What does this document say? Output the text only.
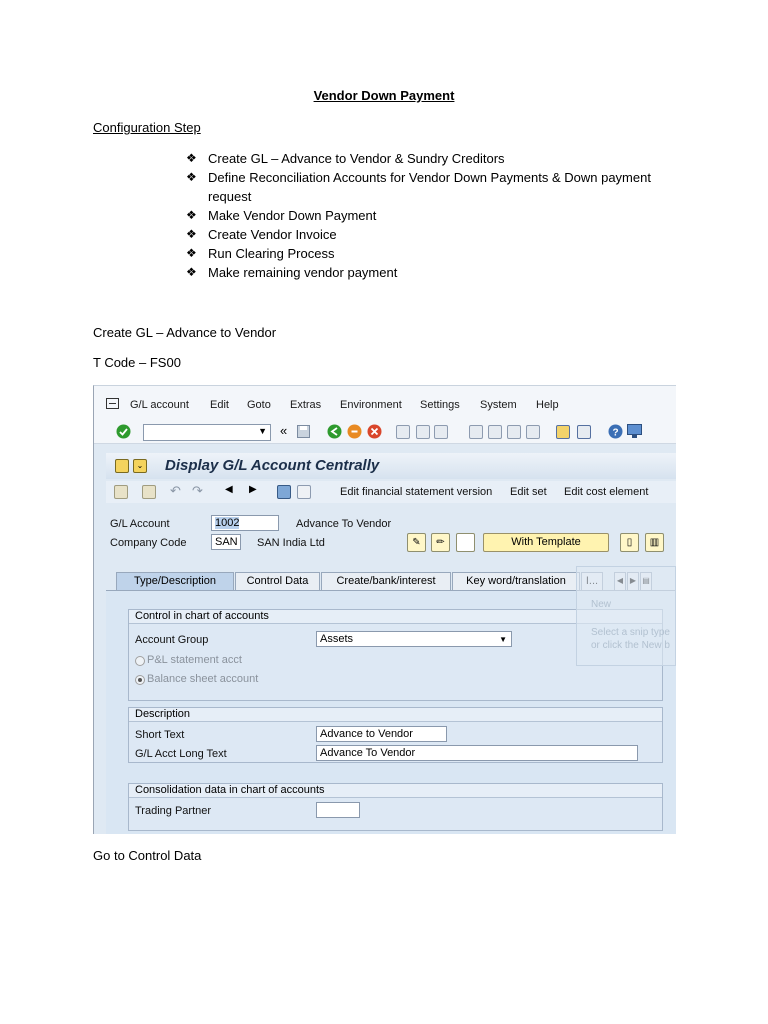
Vendor Down Payment
Configuration Step
❖ Create GL – Advance to Vendor & Sundry Creditors
❖ Define Reconciliation Accounts for Vendor Down Payments & Down payment request
❖ Make Vendor Down Payment
❖ Create Vendor Invoice
❖ Run Clearing Process
❖ Make remaining vendor payment
Create GL – Advance to Vendor
T Code – FS00
G/L account Edit Goto Extras Environment Settings System Help
▼ «	?
⌄ Display G/L Account Centrally
↶ ↷ ◀ ▶	Edit financial statement version Edit set Edit cost element
G/L Account	1002	Advance To Vendor
Company Code	SAN	SAN India Ltd	✎	✏	With Template	▯	▥
Type/Description	Control Data	Create/bank/interest	Key word/translation
Control in chart of accounts
Account Group	Assets	▼
P&L statement acct
Balance sheet account
Description
Short Text	Advance to Vendor
G/L Acct Long Text	Advance To Vendor
Consolidation data in chart of accounts
Trading Partner
New
Select a snip type
or click the New b
Go to Control Data
